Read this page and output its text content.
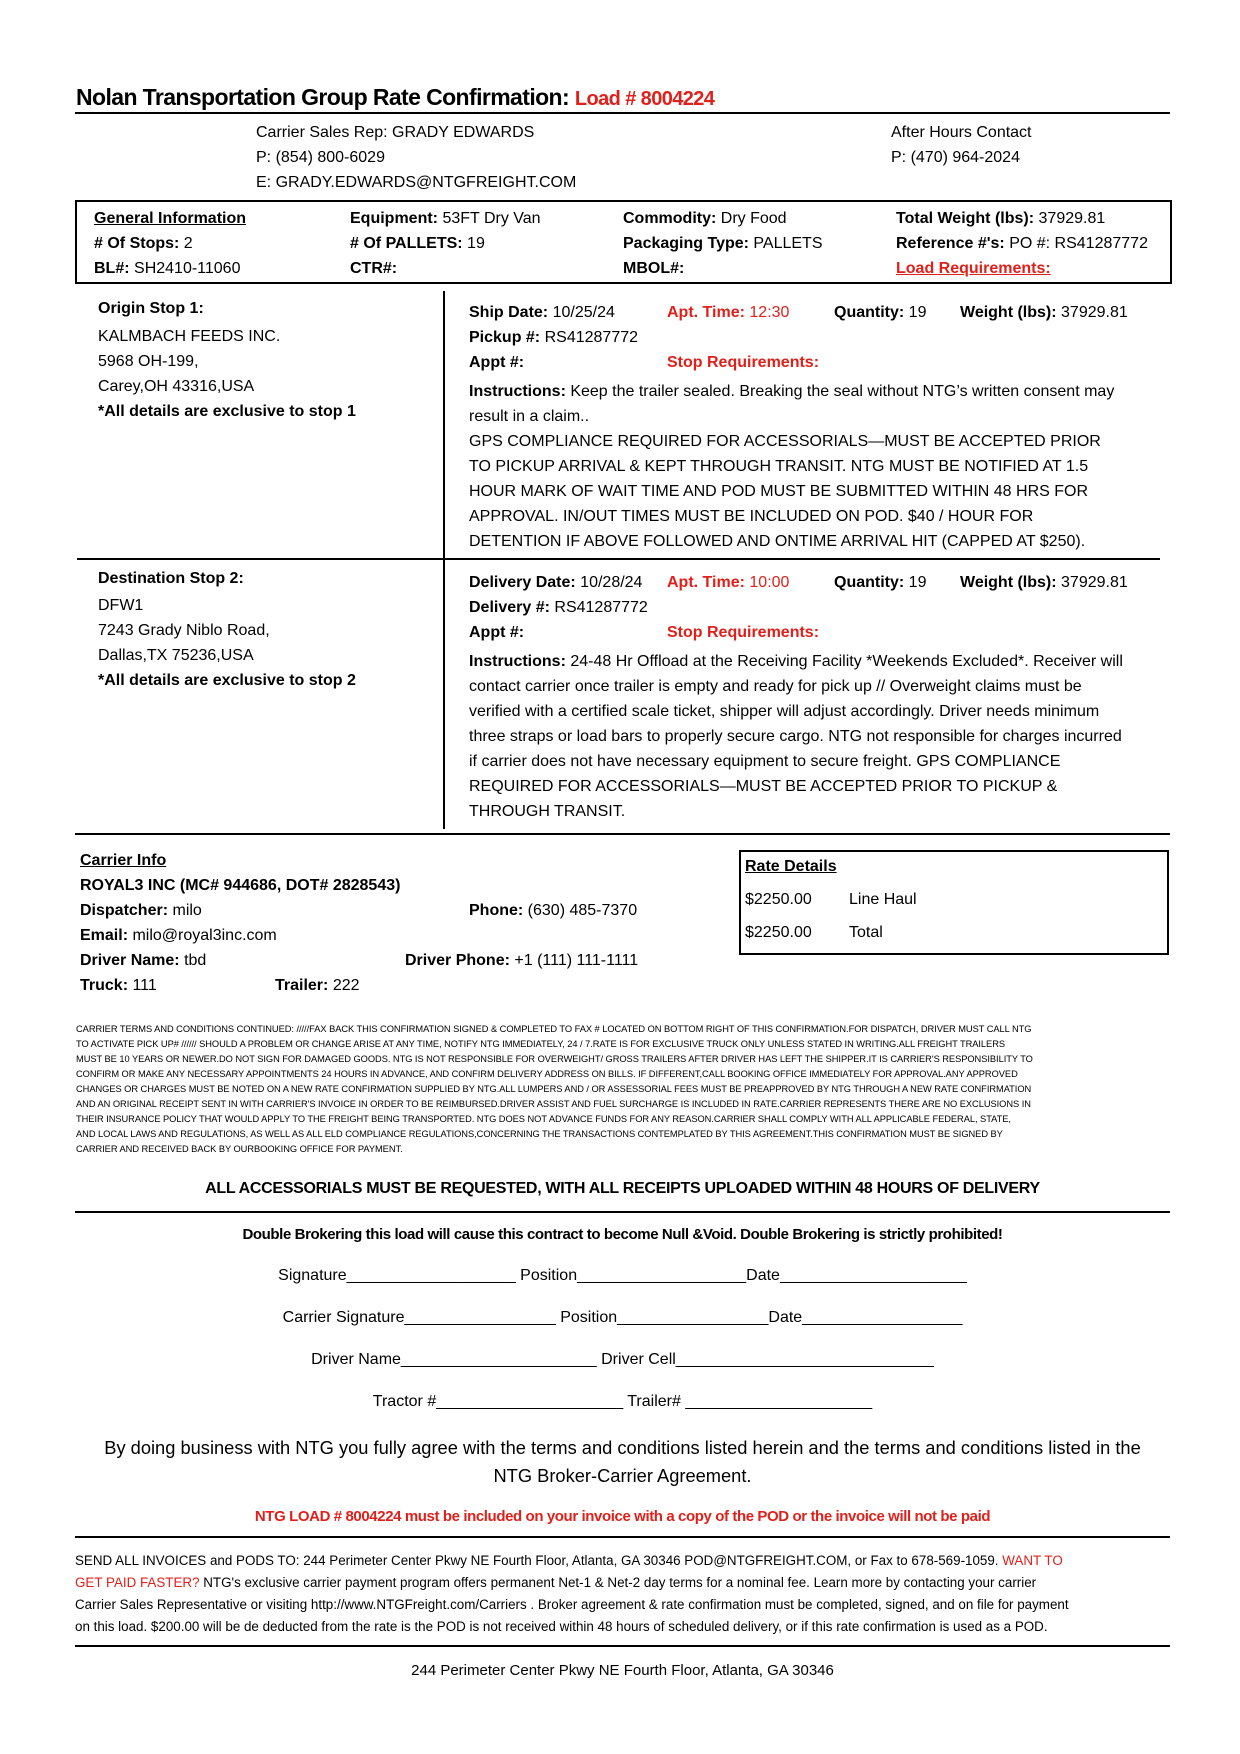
Nolan Transportation Group Rate Confirmation: Load # 8004224
Carrier Sales Rep: GRADY EDWARDS
P: (854) 800-6029
E: GRADY.EDWARDS@NTGFREIGHT.COM
After Hours Contact
P: (470) 964-2024
General Information	Equipment: 53FT Dry Van	Commodity: Dry Food	Total Weight (lbs): 37929.81
# Of Stops: 2	# Of PALLETS: 19	Packaging Type: PALLETS	Reference #'s: PO #: RS41287772
BL#: SH2410-11060	CTR#:	MBOL#:	Load Requirements:
Origin Stop 1:
KALMBACH FEEDS INC.
5968 OH-199,
Carey,OH 43316,USA
*All details are exclusive to stop 1
Ship Date: 10/25/24	Apt. Time: 12:30	Quantity: 19 Weight (lbs): 37929.81
Pickup #: RS41287772
Appt #:	Stop Requirements:
Instructions: Keep the trailer sealed. Breaking the seal without NTG’s written consent may
result in a claim..
GPS COMPLIANCE REQUIRED FOR ACCESSORIALS—MUST BE ACCEPTED PRIOR
TO PICKUP ARRIVAL & KEPT THROUGH TRANSIT. NTG MUST BE NOTIFIED AT 1.5
HOUR MARK OF WAIT TIME AND POD MUST BE SUBMITTED WITHIN 48 HRS FOR
APPROVAL. IN/OUT TIMES MUST BE INCLUDED ON POD. $40 / HOUR FOR
DETENTION IF ABOVE FOLLOWED AND ONTIME ARRIVAL HIT (CAPPED AT $250).
Destination Stop 2:
DFW1
7243 Grady Niblo Road,
Dallas,TX 75236,USA
*All details are exclusive to stop 2
Delivery Date: 10/28/24 Apt. Time: 10:00	Quantity: 19 Weight (lbs): 37929.81
Delivery #: RS41287772
Appt #:	Stop Requirements:
Instructions: 24-48 Hr Offload at the Receiving Facility *Weekends Excluded*. Receiver will
contact carrier once trailer is empty and ready for pick up // Overweight claims must be
verified with a certified scale ticket, shipper will adjust accordingly. Driver needs minimum
three straps or load bars to properly secure cargo. NTG not responsible for charges incurred
if carrier does not have necessary equipment to secure freight. GPS COMPLIANCE
REQUIRED FOR ACCESSORIALS—MUST BE ACCEPTED PRIOR TO PICKUP &
THROUGH TRANSIT.
Carrier Info
ROYAL3 INC (MC# 944686, DOT# 2828543)
Dispatcher: milo	Phone: (630) 485-7370
Email: milo@royal3inc.com
Driver Name: tbd	Driver Phone: +1 (111) 111-1111
Truck: 111	Trailer: 222
Rate Details
$2250.00 Line Haul
$2250.00 Total
CARRIER TERMS AND CONDITIONS CONTINUED: /////FAX BACK THIS CONFIRMATION SIGNED & COMPLETED TO FAX # LOCATED ON BOTTOM RIGHT OF THIS CONFIRMATION.FOR DISPATCH, DRIVER MUST CALL NTG
TO ACTIVATE PICK UP# ////// SHOULD A PROBLEM OR CHANGE ARISE AT ANY TIME, NOTIFY NTG IMMEDIATELY, 24 / 7.RATE IS FOR EXCLUSIVE TRUCK ONLY UNLESS STATED IN WRITING.ALL FREIGHT TRAILERS
MUST BE 10 YEARS OR NEWER.DO NOT SIGN FOR DAMAGED GOODS. NTG IS NOT RESPONSIBLE FOR OVERWEIGHT/ GROSS TRAILERS AFTER DRIVER HAS LEFT THE SHIPPER.IT IS CARRIER'S RESPONSIBILITY TO
CONFIRM OR MAKE ANY NECESSARY APPOINTMENTS 24 HOURS IN ADVANCE, AND CONFIRM DELIVERY ADDRESS ON BILLS. IF DIFFERENT,CALL BOOKING OFFICE IMMEDIATELY FOR APPROVAL.ANY APPROVED
CHANGES OR CHARGES MUST BE NOTED ON A NEW RATE CONFIRMATION SUPPLIED BY NTG.ALL LUMPERS AND / OR ASSESSORIAL FEES MUST BE PREAPPROVED BY NTG THROUGH A NEW RATE CONFIRMATION
AND AN ORIGINAL RECEIPT SENT IN WITH CARRIER'S INVOICE IN ORDER TO BE REIMBURSED.DRIVER ASSIST AND FUEL SURCHARGE IS INCLUDED IN RATE.CARRIER REPRESENTS THERE ARE NO EXCLUSIONS IN
THEIR INSURANCE POLICY THAT WOULD APPLY TO THE FREIGHT BEING TRANSPORTED. NTG DOES NOT ADVANCE FUNDS FOR ANY REASON.CARRIER SHALL COMPLY WITH ALL APPLICABLE FEDERAL, STATE,
AND LOCAL LAWS AND REGULATIONS, AS WELL AS ALL ELD COMPLIANCE REGULATIONS,CONCERNING THE TRANSACTIONS CONTEMPLATED BY THIS AGREEMENT.THIS CONFIRMATION MUST BE SIGNED BY
CARRIER AND RECEIVED BACK BY OURBOOKING OFFICE FOR PAYMENT.
ALL ACCESSORIALS MUST BE REQUESTED, WITH ALL RECEIPTS UPLOADED WITHIN 48 HOURS OF DELIVERY
Double Brokering this load will cause this contract to become Null &Void. Double Brokering is strictly prohibited!
Signature___________________ Position___________________Date_____________________
Carrier Signature_________________ Position_________________Date__________________
Driver Name______________________ Driver Cell_____________________________
Tractor #_____________________ Trailer# _____________________
By doing business with NTG you fully agree with the terms and conditions listed herein and the terms and conditions listed in the
NTG Broker-Carrier Agreement.
NTG LOAD # 8004224 must be included on your invoice with a copy of the POD or the invoice will not be paid
SEND ALL INVOICES and PODS TO: 244 Perimeter Center Pkwy NE Fourth Floor, Atlanta, GA 30346 POD@NTGFREIGHT.COM, or Fax to 678-569-1059. WANT TO
GET PAID FASTER? NTG's exclusive carrier payment program offers permanent Net-1 & Net-2 day terms for a nominal fee. Learn more by contacting your carrier
Carrier Sales Representative or visiting http://www.NTGFreight.com/Carriers . Broker agreement & rate confirmation must be completed, signed, and on file for payment
on this load. $200.00 will be de deducted from the rate is the POD is not received within 48 hours of scheduled delivery, or if this rate confirmation is used as a POD.
244 Perimeter Center Pkwy NE Fourth Floor, Atlanta, GA 30346
